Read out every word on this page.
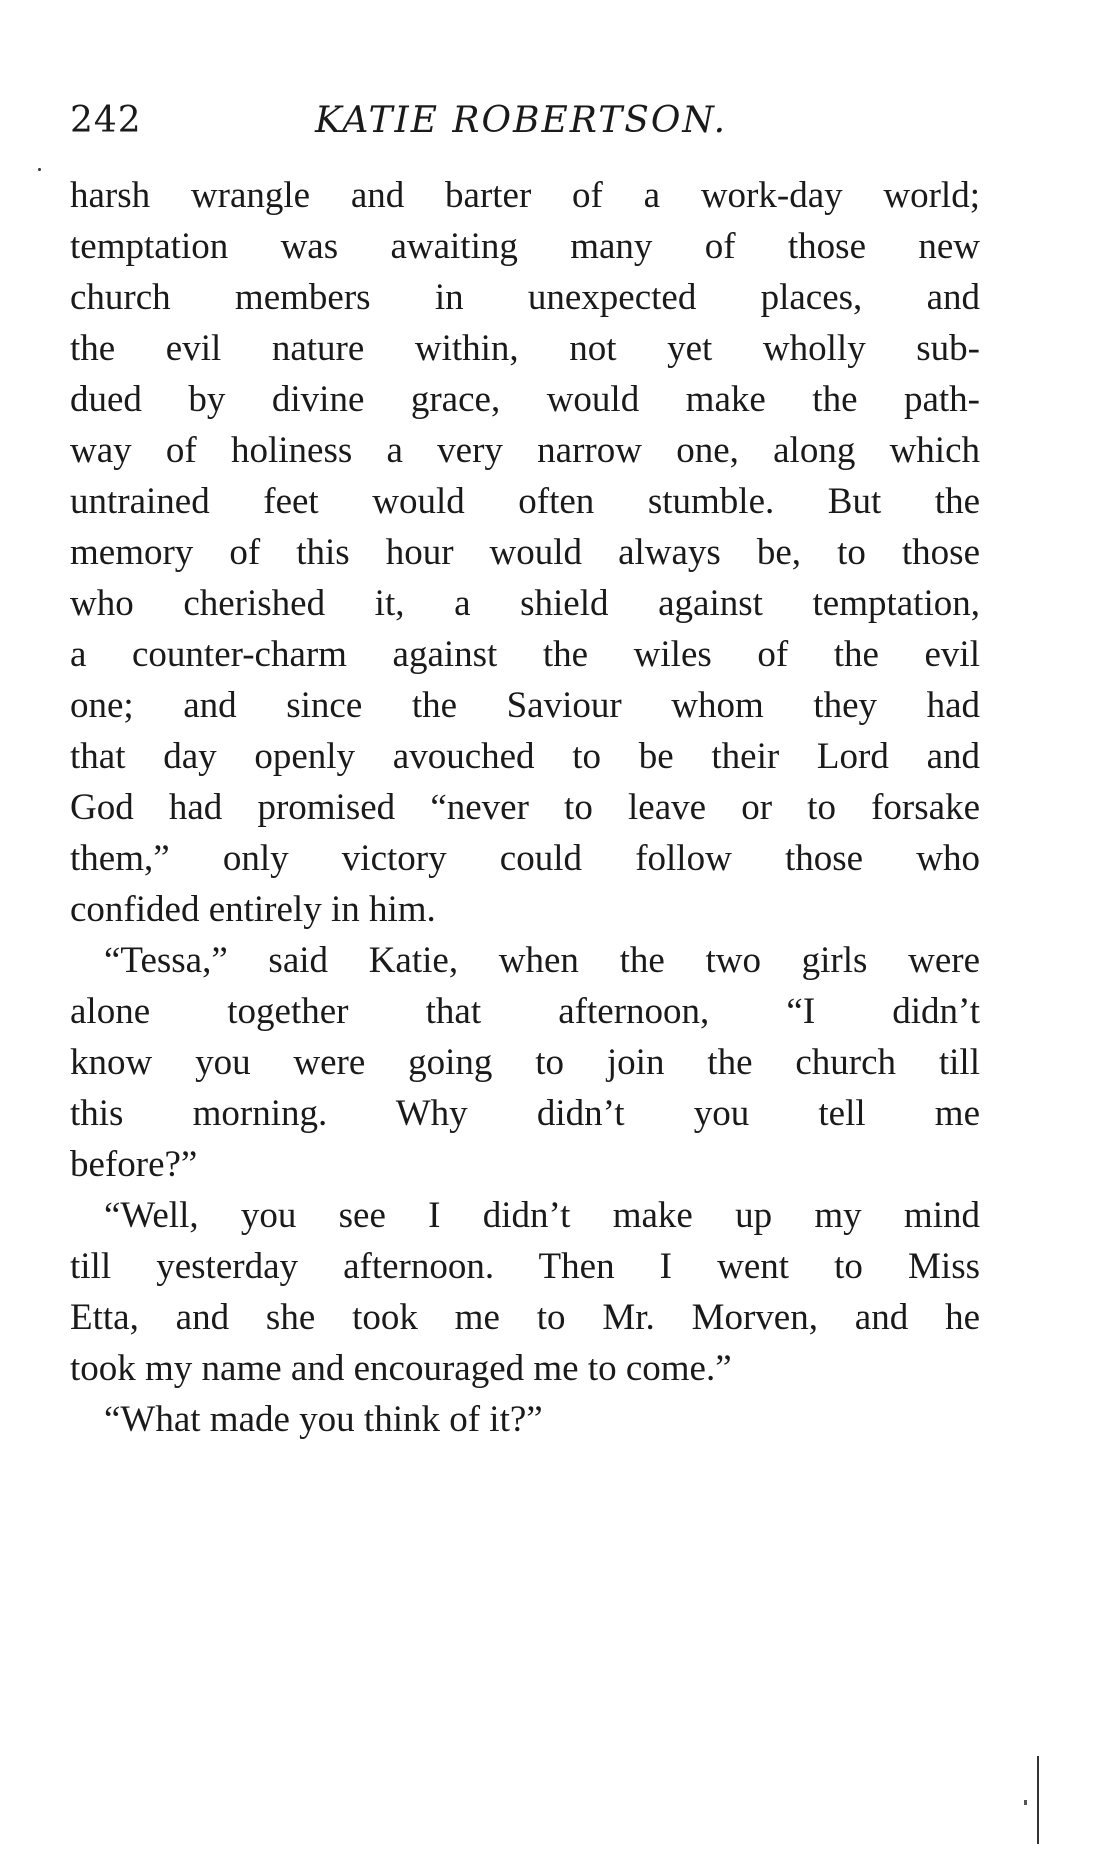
242	KATIE ROBERTSON.
harsh wrangle and barter of a work-day world;
temptation was awaiting many of those new
church members in unexpected places, and
the evil nature within, not yet wholly sub-
dued by divine grace, would make the path-
way of holiness a very narrow one, along which
untrained feet would often stumble. But the
memory of this hour would always be, to those
who cherished it, a shield against temptation,
a counter-charm against the wiles of the evil
one; and since the Saviour whom they had
that day openly avouched to be their Lord and
God had promised “never to leave or to forsake
them,” only victory could follow those who
confided entirely in him.
“Tessa,” said Katie, when the two girls were
alone together that afternoon, “I didn’t
know you were going to join the church till
this morning. Why didn’t you tell me
before?”
“Well, you see I didn’t make up my mind
till yesterday afternoon. Then I went to Miss
Etta, and she took me to Mr. Morven, and he
took my name and encouraged me to come.”
“What made you think of it?”
